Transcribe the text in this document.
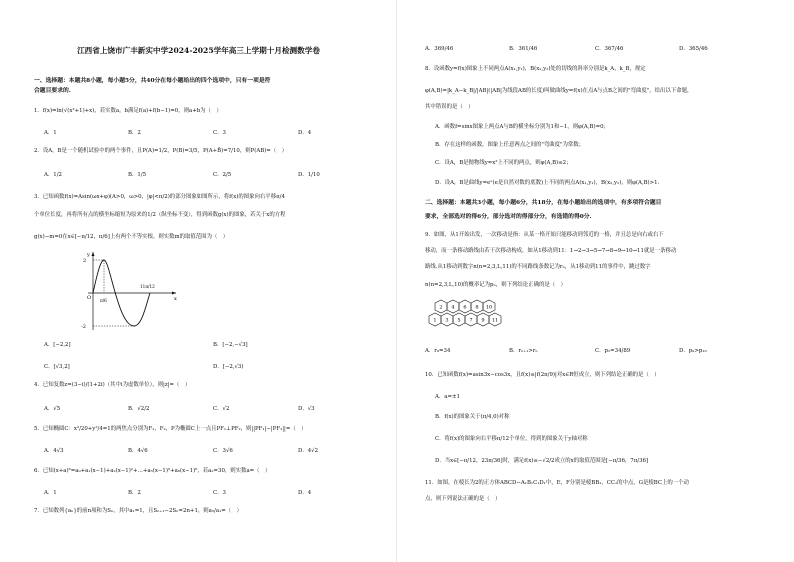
江西省上饶市广丰新实中学2024-2025学年高三上学期十月检测数学卷
一、选择题：本题共8小题，每小题5分，共40分在每小题给出的四个选项中，只有一项是符
合题目要求的.
1．f(x)=ln(√(x²+1)+x)，若实数a，b满足f(a)+f(b−1)=0，则a+b为（　）
A．1	B．2	C．3	D．4
2．设A，B是一个随机试验中的两个事件，且P(A)=1/2，P(B)=3/5，P(A+B̄)=7/10，则P(AB)=（　）
A．1/2	B．1/5	C．2/5	D．1/10
3．已知函数f(x)=Asin(ωx+φ)(A>0，ω>0，|φ|<π/2)的部分图象如图所示，将f(x)的图象向右平移π/4
个单位长度，再将所有点的横坐标缩短为原来的1/2（纵坐标不变），得到函数g(x)的图象，若关于x的方程
g(x)−m=0在x∈[−π/12，π/6]上有两个不等实根，则实数m的取值范围为（　）
2
-2
O π/6
11π/12
x
y
A．[−2,2]	B．[−2,−√3]
C．[√3,2]	D．[−2,√3)
4．已知复数z=(3−i)/(1+2i)（其中i为虚数单位），则|z|=（　）
A．√5	B．√2/2	C．√2	D．√3
5．已知椭圆C：x²/20+y²/4=1的两焦点分别为F₁，F₂，P为椭圆C上一点且PF₁⊥PF₂，则||PF₁|−|PF₂||=（　）
A．4√3	B．4√6	C．3√6	D．4√2
6．已知(x+a)⁶=a₀+a₁(x−1)+a₂(x−1)²+…+a₅(x−1)⁵+a₆(x−1)⁶，若a₂=30，则实数a=（　）
A．1	B．2	C．3	D．4
7．已知数列{aₙ}的前n项和为Sₙ，其中a₁=1，且Sₙ₊₁−2Sₙ=2n+1，则a₅/a₁=（　）
A．369/46	B．361/46	C．367/46	D．365/46
8．设函数y=f(x)图象上不同两点A(x₁,y₁)，B(x₂,y₂)处的切线的斜率分别是k_A，k_B，规定
φ(A,B)=|k_A−k_B|/|AB|(|AB|为线段AB的长度)叫做曲线y=f(x)在点A与点B之间的"弯曲度"，给出以下命题，
其中错误的是（　）
A．函数f=sinx图象上两点A与B的横坐标分别为1和−1，则φ(A,B)=0；
B．存在这样的函数，图象上任意两点之间的"弯曲度"为常数；
C．设A，B是抛物线y=x²上不同的两点，则φ(A,B)≤2；
D．设A，B是曲线y=eˣ(e是自然对数的底数)上不同的两点A(x₁,y₁)，B(x₂,y₂)，则φ(A,B)>1.
二、选择题：本题共3小题，每小题6分，共18分，在每小题给出的选项中，有多项符合题目
要求，全部选对的得6分，部分选对的得部分分，有选错的得0分.
9．如图，从1开始出发，一次移动是指：从某一格开始只能移动到邻近的一格，并且总是向右或右下
移动，而一条移动路线由若干次移动构成，如从1移动到11：1→2→3→5→7→8→9→10→11就是一条移动
路线.从1移动到数字n(n=2,3,L,11)的不同路线条数记为rₙ，从1移动到11的事件中，跳过数字
n(n=2,3,L,10)的概率记为pₙ，则下列结论正确的是（　）
2 4 6 8 10
1 3 5 7 9 11
A．r₉=34	B．rₙ₊₁>rₙ	C．p₂=34/89	D．p₉>p₁₀
10．已知函数f(x)=asin3x−cos3x，且f(x)≤|f(2π/9)|对x∈R恒成立，则下列结论正确的是（　）
A．a=±1
B．f(x)的图象关于(π/4,0)对称
C．将f(x)的图象向右平移π/12个单位，得到的图象关于y轴对称
D．当x∈[−π/12，23π/36]时，满足f(x)≤−√2/2成立的x的取值范围是[−π/36，7π/36]
11．如图，在棱长为2的正方体ABCD−A₁B₁C₁D₁中，E，F分别是棱BB₁，CC₁的中点，G是棱BC上的一个动
点，则下列说法正确的是（　）
